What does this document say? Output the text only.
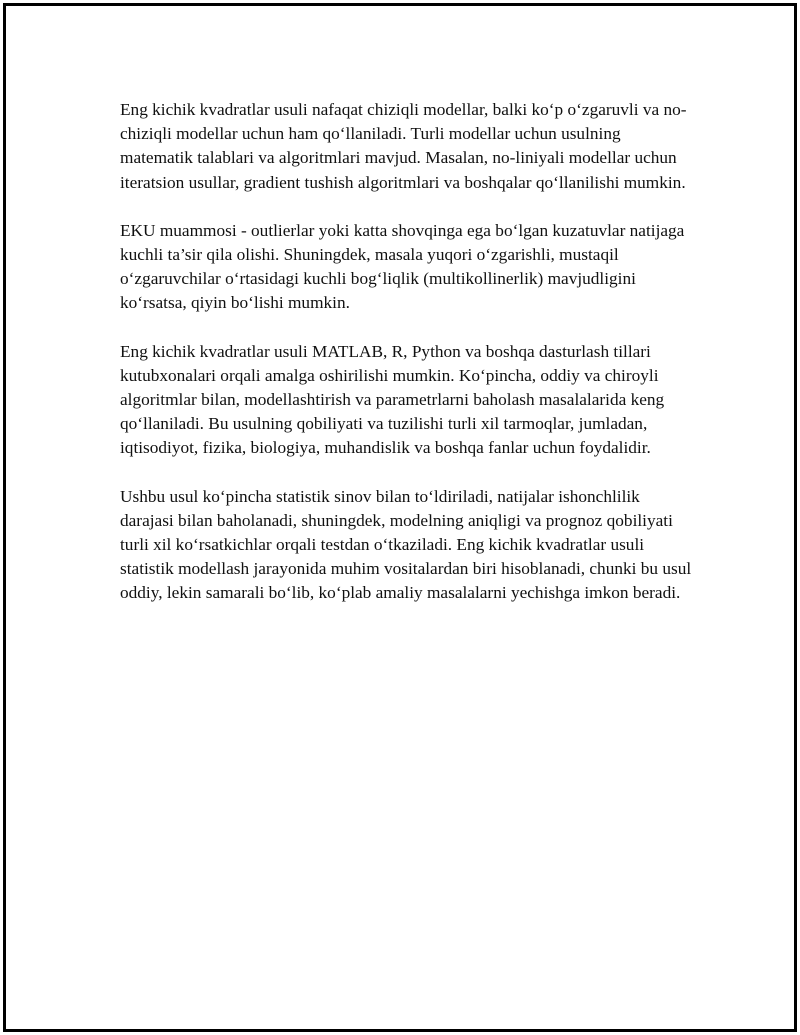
Eng kichik kvadratlar usuli nafaqat chiziqli modellar, balki ko‘p o‘zgaruvli va no-chiziqli modellar uchun ham qo‘llaniladi. Turli modellar uchun usulning matematik talablari va algoritmlari mavjud. Masalan, no-liniyali modellar uchun iteratsion usullar, gradient tushish algoritmlari va boshqalar qo‘llanilishi mumkin.

EKU muammosi - outlierlar yoki katta shovqinga ega bo‘lgan kuzatuvlar natijaga kuchli ta’sir qila olishi. Shuningdek, masala yuqori o‘zgarishli, mustaqil o‘zgaruvchilar o‘rtasidagi kuchli bog‘liqlik (multikollinerlik) mavjudligini ko‘rsatsa, qiyin bo‘lishi mumkin.

Eng kichik kvadratlar usuli MATLAB, R, Python va boshqa dasturlash tillari kutubxonalari orqali amalga oshirilishi mumkin. Ko‘pincha, oddiy va chiroyli algoritmlar bilan, modellashtirish va parametrlarni baholash masalalarida keng qo‘llaniladi. Bu usulning qobiliyati va tuzilishi turli xil tarmoqlar, jumladan, iqtisodiyot, fizika, biologiya, muhandislik va boshqa fanlar uchun foydalidir.

Ushbu usul ko‘pincha statistik sinov bilan to‘ldiriladi, natijalar ishonchlilik darajasi bilan baholanadi, shuningdek, modelning aniqligi va prognoz qobiliyati turli xil ko‘rsatkichlar orqali testdan o‘tkaziladi. Eng kichik kvadratlar usuli statistik modellash jarayonida muhim vositalardan biri hisoblanadi, chunki bu usul oddiy, lekin samarali bo‘lib, ko‘plab amaliy masalalarni yechishga imkon beradi.
